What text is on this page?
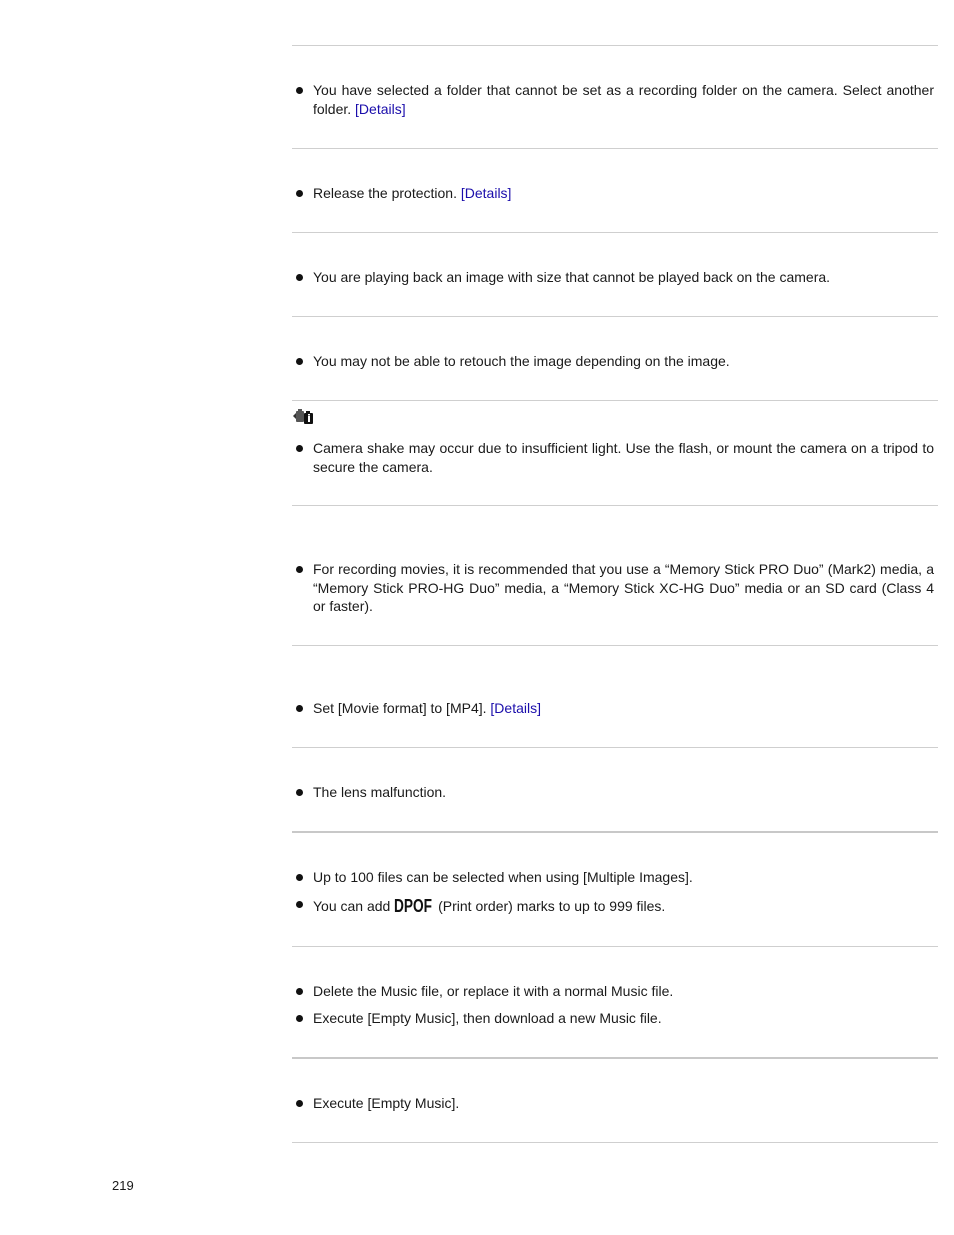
You have selected a folder that cannot be set as a recording folder on the camera. Select another folder. [Details]
Release the protection. [Details]
You are playing back an image with size that cannot be played back on the camera.
You may not be able to retouch the image depending on the image.
Camera shake may occur due to insufficient light. Use the flash, or mount the camera on a tripod to secure the camera.
For recording movies, it is recommended that you use a “Memory Stick PRO Duo” (Mark2) media, a “Memory Stick PRO-HG Duo” media, a “Memory Stick XC-HG Duo” media or an SD card (Class 4 or faster).
Set [Movie format] to [MP4]. [Details]
The lens malfunction.
Up to 100 files can be selected when using [Multiple Images].
You can add DPOF (Print order) marks to up to 999 files.
Delete the Music file, or replace it with a normal Music file.
Execute [Empty Music], then download a new Music file.
Execute [Empty Music].
219
